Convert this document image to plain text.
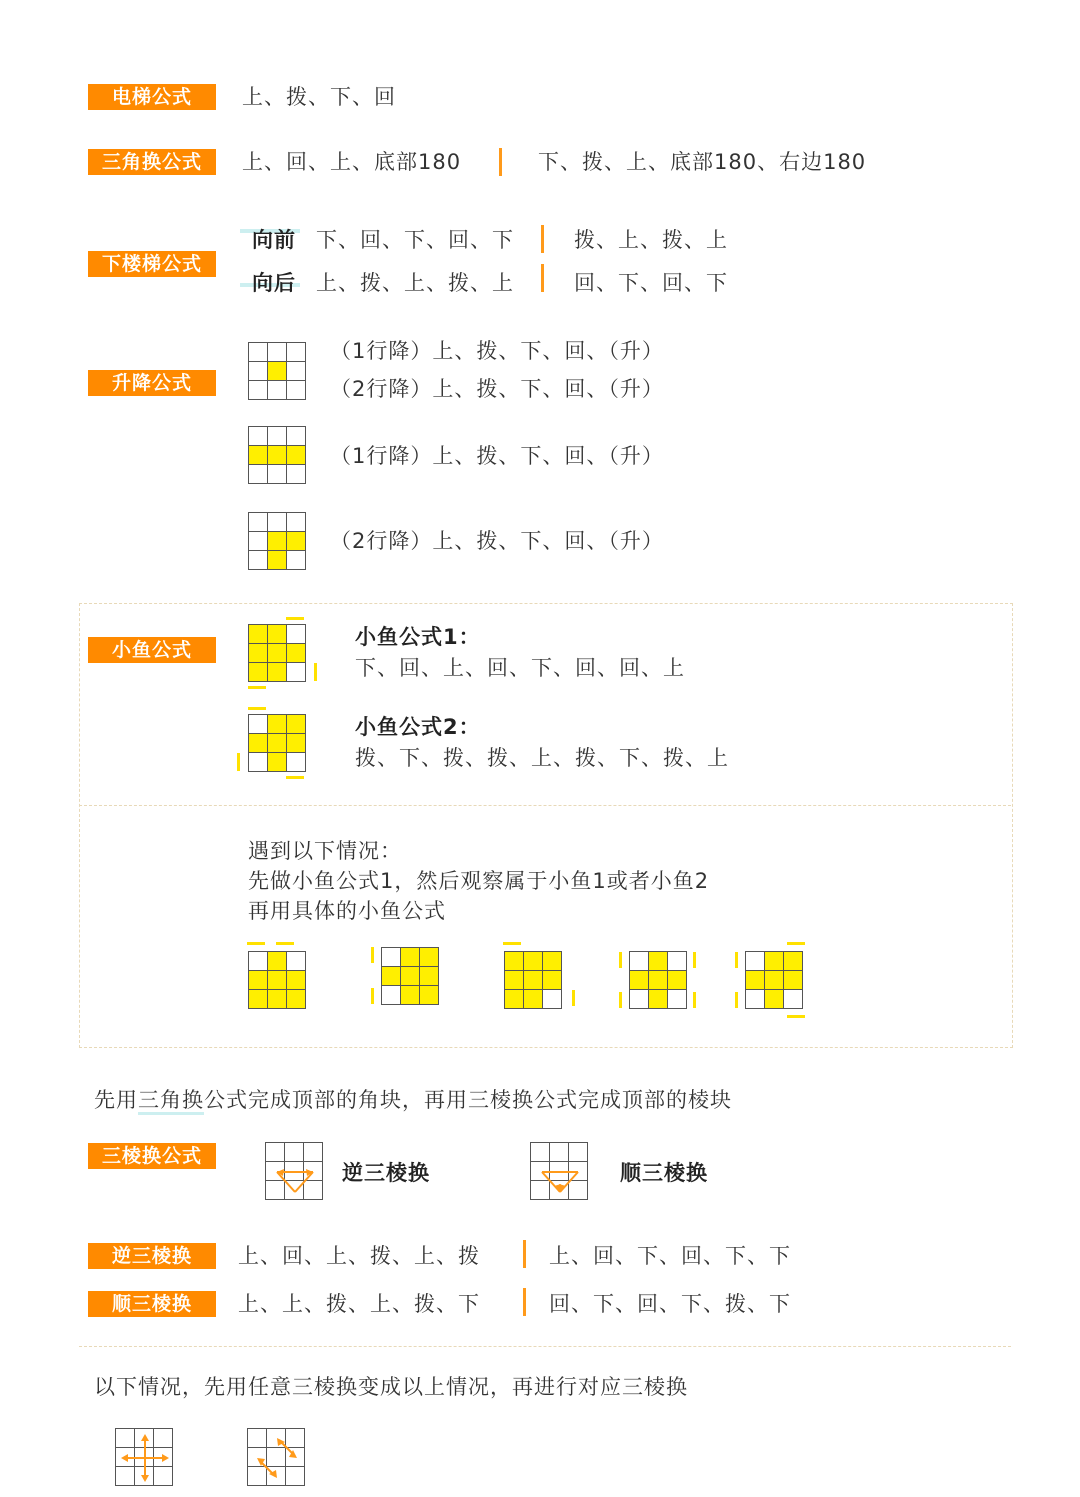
电梯公式	上、拨、下、回
三角换公式	上、回、上、底部180	下、拨、上、底部180、右边180
下楼梯公式
向前 下、回、下、回、下	拨、上、拨、上
向后 上、拨、上、拨、上	回、下、回、下
升降公式
（1行降）上、拨、下、回、（升）
（2行降）上、拨、下、回、（升）
（1行降）上、拨、下、回、（升）
（2行降）上、拨、下、回、（升）
小鱼公式
小鱼公式1：
下、回、上、回、下、回、回、上
小鱼公式2：
拨、下、拨、拨、上、拨、下、拨、上
遇到以下情况：
先做小鱼公式1，然后观察属于小鱼1或者小鱼2
再用具体的小鱼公式
先用三角换公式完成顶部的角块，再用三棱换公式完成顶部的棱块
三棱换公式
逆三棱换	顺三棱换
逆三棱换	上、回、上、拨、上、拨	上、回、下、回、下、下
顺三棱换	上、上、拨、上、拨、下	回、下、回、下、拨、下
以下情况，先用任意三棱换变成以上情况，再进行对应三棱换
